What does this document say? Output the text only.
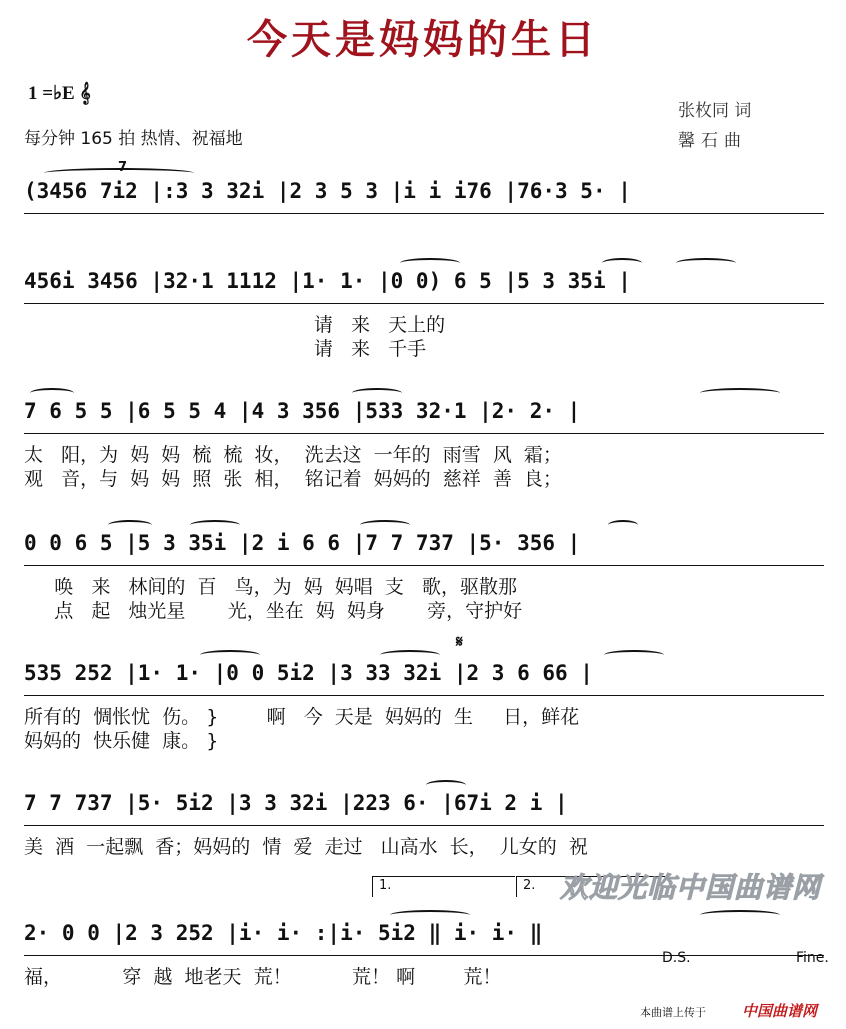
今天是妈妈的生日
1 =♭E 𝄞
每分钟 165 拍 热情、祝福地
张枚同 词
馨石曲
(3456 7i2 |:3 3 32i |2 3 5 3 |i i i76 |76·3 5· |
7
456i 3456 |32·1 1112 |1· 1· |0 0) 6 5 |5 3 35i |
请   来   天上的
请   来   千手
7 6 5 5 |6 5 5 4 |4 3 356 |533 32·1 |2· 2· |
太   阳，为  妈  妈  梳  梳  妆，  洗去这  一年的  雨雪  风  霜；
观   音，与  妈  妈  照  张  相，  铭记着  妈妈的  慈祥  善  良；
0 0 6 5 |5 3 35i |2 i 6 6 |7 7 737 |5· 356 |
唤   来   林间的  百   鸟，为  妈  妈唱  支   歌，驱散那
点   起   烛光星       光，坐在  妈  妈身       旁，守护好
535 252 |1· 1· |0 0 5i2 |3 33 32i |2 3 6 66 |
所有的  惆怅忧  伤。 }        啊   今  天是  妈妈的  生     日，鲜花
妈妈的  快乐健  康。 }
𝄋
7 7 737 |5· 5i2 |3 3 32i |223 6· |67i 2 i |
美  酒  一起飘  香；妈妈的  情  爱  走过   山高水  长，  儿女的  祝
1.	2.
2· 0 0 |2 3 252 |i· i· :|i· 5i2 ‖ i· i· ‖
福，          穿  越  地老天  荒！          荒！ 啊        荒！
D.S.	Fine.
欢迎光临中国曲谱网
本曲谱上传于 中国曲谱网
